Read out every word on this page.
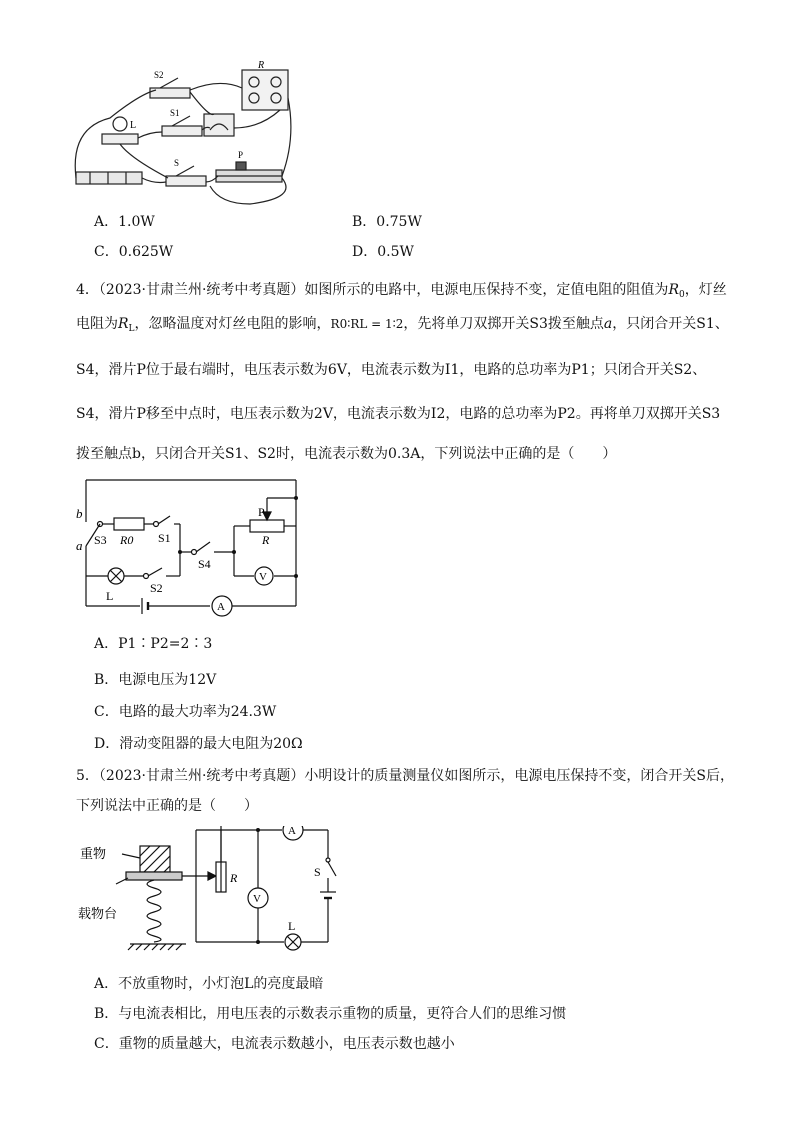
R
S2
S1
L
S
P
A．1.0W	B．0.75W
C．0.625W	D．0.5W
4．（2023·甘肃兰州·统考中考真题）如图所示的电路中，电源电压保持不变，定值电阻的阻值为$R_0$，灯丝
电阻为$R_L$，忽略温度对灯丝电阻的影响，R0∶RL = 1∶2，先将单刀双掷开关S3拨至触点a，只闭合开关S1、
S4，滑片P位于最右端时，电压表示数为6V，电流表示数为I1，电路的总功率为P1；只闭合开关S2、
S4，滑片P移至中点时，电压表示数为2V，电流表示数为I2，电路的总功率为P2。再将单刀双掷开关S3
拨至触点b，只闭合开关S1、S2时，电流表示数为0.3A，下列说法中正确的是（　　）
b
a S3 R0 S1
P
R
S4
V
L
S2
A
A．P1∶P2=2∶3
B．电源电压为12V
C．电路的最大功率为24.3W
D．滑动变阻器的最大电阻为20Ω
5．（2023·甘肃兰州·统考中考真题）小明设计的质量测量仪如图所示，电源电压保持不变，闭合开关S后，
下列说法中正确的是（　　）
重物
载物台
R
A
V
S
L
A．不放重物时，小灯泡L的亮度最暗
B．与电流表相比，用电压表的示数表示重物的质量，更符合人们的思维习惯
C．重物的质量越大，电流表示数越小，电压表示数也越小
